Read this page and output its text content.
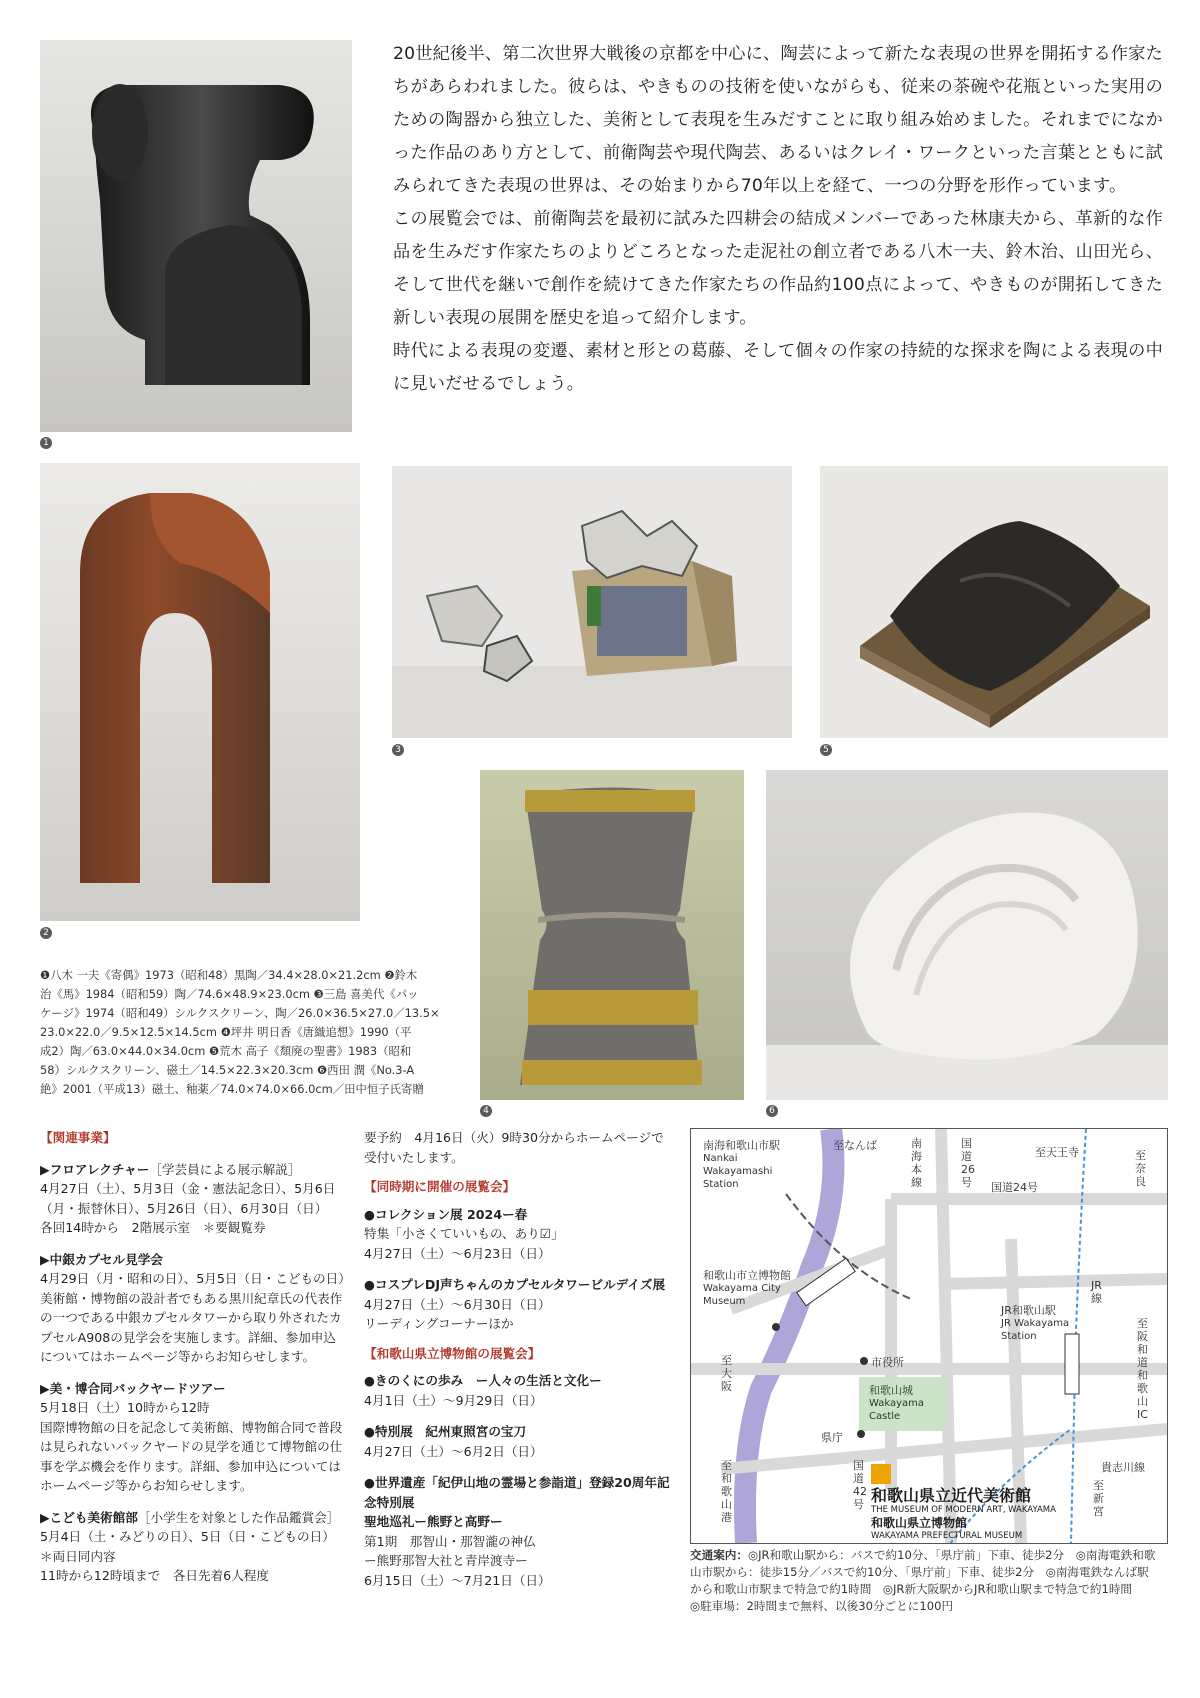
1

20世紀後半、第二次世界大戦後の京都を中心に、陶芸によって新たな表現の世界を開拓する作家たちがあらわれました。彼らは、やきものの技術を使いながらも、従来の茶碗や花瓶といった実用のための陶器から独立した、美術として表現を生みだすことに取り組み始めました。それまでになかった作品のあり方として、前衛陶芸や現代陶芸、あるいはクレイ・ワークといった言葉とともに試みられてきた表現の世界は、その始まりから70年以上を経て、一つの分野を形作っています。

この展覧会では、前衛陶芸を最初に試みた四耕会の結成メンバーであった林康夫から、革新的な作品を生みだす作家たちのよりどころとなった走泥社の創立者である八木一夫、鈴木治、山田光ら、そして世代を継いで創作を続けてきた作家たちの作品約100点によって、やきものが開拓してきた新しい表現の展開を歴史を追って紹介します。

時代による表現の変遷、素材と形との葛藤、そして個々の作家の持続的な探求を陶による表現の中に見いだせるでしょう。

2
3	5
4	6
❶八木 一夫《寄偶》1973（昭和48）黒陶／34.4×28.0×21.2cm ❷鈴木
治《馬》1984（昭和59）陶／74.6×48.9×23.0cm ❸三島 喜美代《パッ
ケージ》1974（昭和49）シルクスクリーン、陶／26.0×36.5×27.0／13.5×
23.0×22.0／9.5×12.5×14.5cm ❹坪井 明日香《唐織追想》1990（平
成2）陶／63.0×44.0×34.0cm ❺荒木 高子《頽廃の聖書》1983（昭和
58）シルクスクリーン、磁土／14.5×22.3×20.3cm ❻西田 潤《No.3-A
絶》2001（平成13）磁土、釉薬／74.0×74.0×66.0cm／田中恒子氏寄贈
【関連事業】
▶フロアレクチャー［学芸員による展示解説］
4月27日（土）、5月3日（金・憲法記念日）、5月6日（月・振替休日）、5月26日（日）、6月30日（日）
各回14時から　2階展示室　＊要観覧券
▶中銀カプセル見学会
4月29日（月・昭和の日）、5月5日（日・こどもの日）
美術館・博物館の設計者でもある黒川紀章氏の代表作の一つである中銀カプセルタワーから取り外されたカプセルA908の見学会を実施します。詳細、参加申込についてはホームページ等からお知らせします。
▶美・博合同バックヤードツアー
5月18日（土）10時から12時
国際博物館の日を記念して美術館、博物館合同で普段は見られないバックヤードの見学を通じて博物館の仕事を学ぶ機会を作ります。詳細、参加申込についてはホームページ等からお知らせします。
▶こども美術館部［小学生を対象とした作品鑑賞会］
5月4日（土・みどりの日）、5日（日・こどもの日）
＊両日同内容
11時から12時頃まで　各日先着6人程度
要予約　4月16日（火）9時30分からホームページで受付いたします。
【同時期に開催の展覧会】
●コレクション展 2024ー春
特集「小さくていいもの、あり☑」
4月27日（土）〜6月23日（日）
●コスプレDJ声ちゃんのカプセルタワービルデイズ展
4月27日（土）〜6月30日（日）
リーディングコーナーほか
【和歌山県立博物館の展覧会】
●きのくにの歩み　ー人々の生活と文化ー
4月1日（土）〜9月29日（日）
●特別展　紀州東照宮の宝刀
4月27日（土）〜6月2日（日）
●世界遺産「紀伊山地の霊場と参詣道」登録20周年記念特別展
聖地巡礼ー熊野と高野ー
第1期　那智山・那智瀧の神仏
ー熊野那智大社と青岸渡寺ー
6月15日（土）〜7月21日（日）
南海和歌山市駅
Nankai
Wakayamashi
Station
至なんば	南海本線
国道26号 国道24号
至天王寺	至奈良
和歌山市立博物館
Wakayama City
Museum
JR和歌山駅
JR Wakayama
Station
JR線
市役所
至大阪
至阪和道和歌山IC
和歌山城
Wakayama
Castle
県庁
至和歌山港
国道42号
貴志川線
至新宮
和歌山県立近代美術館
THE MUSEUM OF MODERN ART, WAKAYAMA
和歌山県立博物館
WAKAYAMA PREFECTURAL MUSEUM
交通案内：◎JR和歌山駅から：バスで約10分、「県庁前」下車、徒歩2分　◎南海電鉄和歌
山市駅から：徒歩15分／バスで約10分、「県庁前」下車、徒歩2分　◎南海電鉄なんば駅
から和歌山市駅まで特急で約1時間　◎JR新大阪駅からJR和歌山駅まで特急で約1時間
◎駐車場：2時間まで無料、以後30分ごとに100円
